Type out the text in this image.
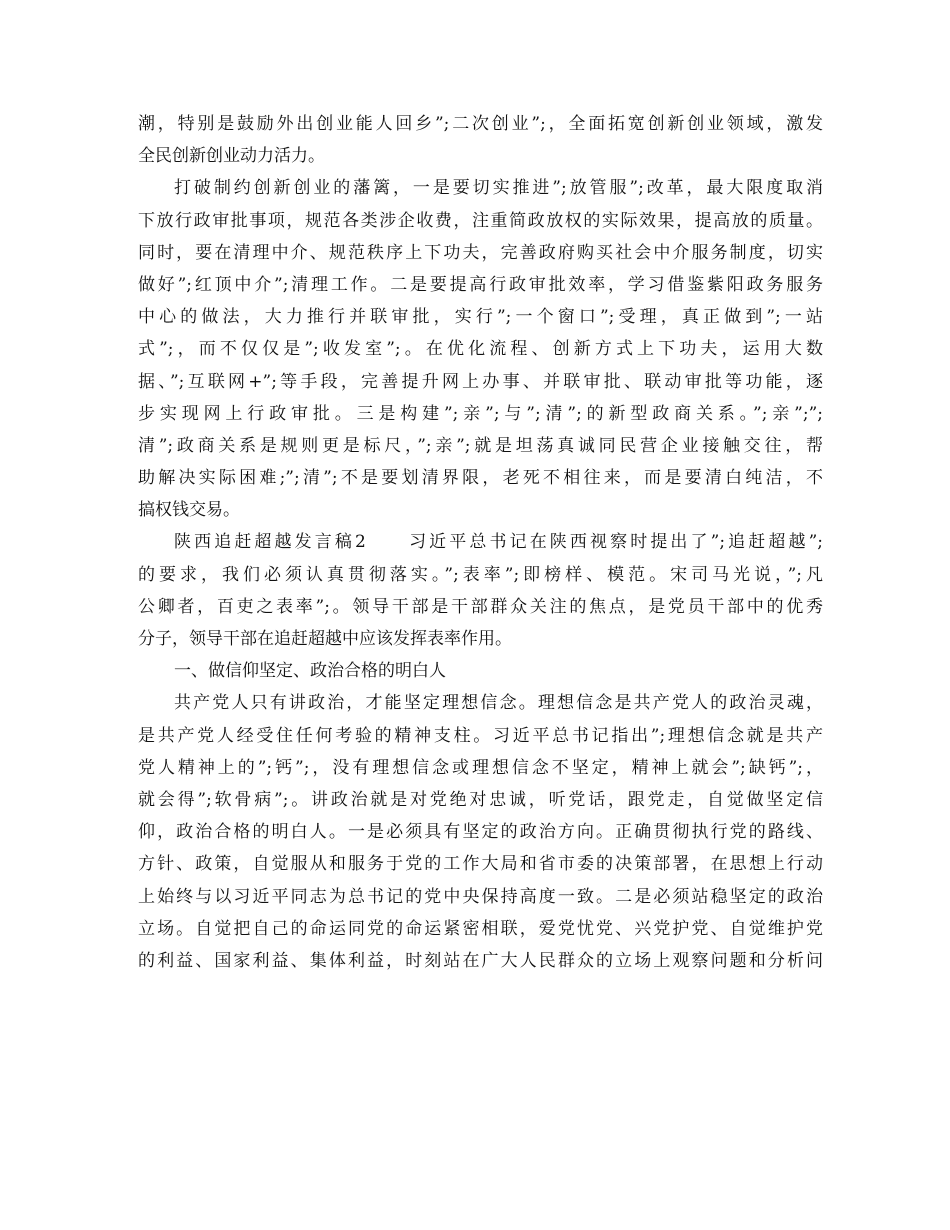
潮，特别是鼓励外出创业能人回乡”;二次创业”;，全面拓宽创新创业领域，激发
全民创新创业动力活力。
打破制约创新创业的藩篱，一是要切实推进”;放管服”;改革，最大限度取消
下放行政审批事项，规范各类涉企收费，注重简政放权的实际效果，提高放的质量。
同时，要在清理中介、规范秩序上下功夫，完善政府购买社会中介服务制度，切实
做好”;红顶中介”;清理工作。二是要提高行政审批效率，学习借鉴紫阳政务服务
中心的做法，大力推行并联审批，实行”;一个窗口”;受理，真正做到”;一站
式”;，而不仅仅是”;收发室”;。在优化流程、创新方式上下功夫，运用大数
据、”;互联网+”;等手段，完善提升网上办事、并联审批、联动审批等功能，逐
步实现网上行政审批。三是构建”;亲”;与”;清”;的新型政商关系。”;亲”;”;
清”;政商关系是规则更是标尺，”;亲”;就是坦荡真诚同民营企业接触交往，帮
助解决实际困难;”;清”;不是要划清界限，老死不相往来，而是要清白纯洁，不
搞权钱交易。
陕西追赶超越发言稿2　　习近平总书记在陕西视察时提出了”;追赶超越”;
的要求，我们必须认真贯彻落实。”;表率”;即榜样、模范。宋司马光说，”;凡
公卿者，百吏之表率”;。领导干部是干部群众关注的焦点，是党员干部中的优秀
分子，领导干部在追赶超越中应该发挥表率作用。
一、做信仰坚定、政治合格的明白人
共产党人只有讲政治，才能坚定理想信念。理想信念是共产党人的政治灵魂，
是共产党人经受住任何考验的精神支柱。习近平总书记指出”;理想信念就是共产
党人精神上的”;钙”;，没有理想信念或理想信念不坚定，精神上就会”;缺钙”;，
就会得”;软骨病”;。讲政治就是对党绝对忠诚，听党话，跟党走，自觉做坚定信
仰，政治合格的明白人。一是必须具有坚定的政治方向。正确贯彻执行党的路线、
方针、政策，自觉服从和服务于党的工作大局和省市委的决策部署，在思想上行动
上始终与以习近平同志为总书记的党中央保持高度一致。二是必须站稳坚定的政治
立场。自觉把自己的命运同党的命运紧密相联，爱党忧党、兴党护党、自觉维护党
的利益、国家利益、集体利益，时刻站在广大人民群众的立场上观察问题和分析问
